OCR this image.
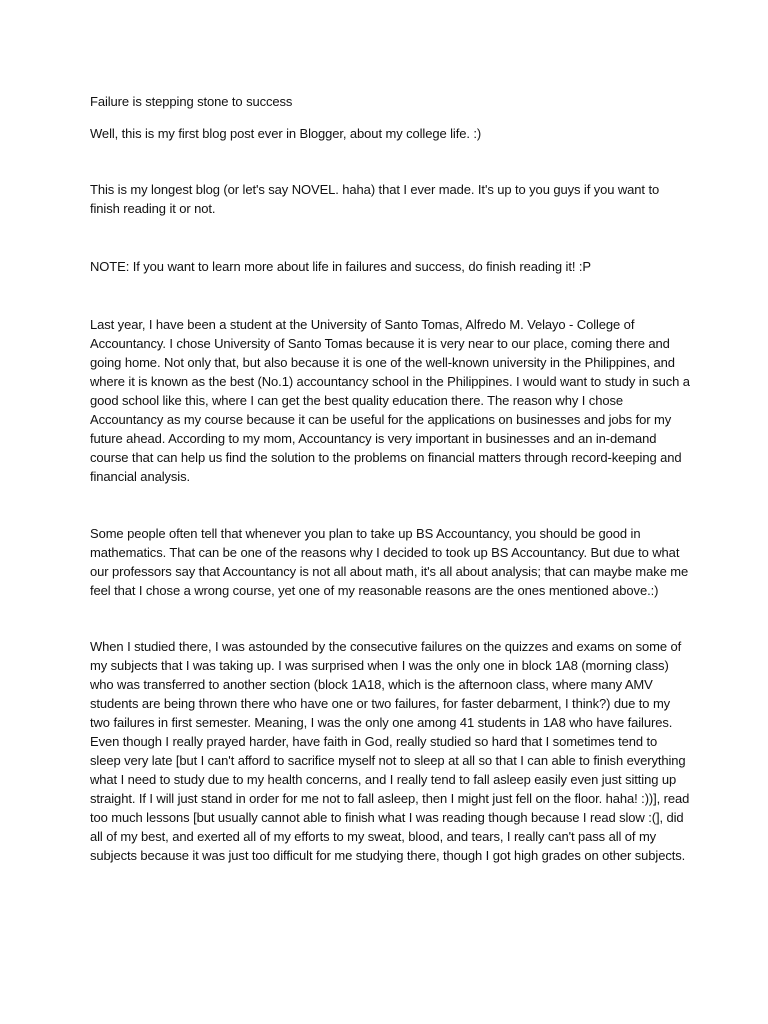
Failure is stepping stone to success

Well, this is my first blog post ever in Blogger, about my college life. :)

This is my longest blog (or let's say NOVEL. haha) that I ever made. It's up to you guys if you want to finish reading it or not.

NOTE: If you want to learn more about life in failures and success, do finish reading it! :P

Last year, I have been a student at the University of Santo Tomas, Alfredo M. Velayo - College of Accountancy. I chose University of Santo Tomas because it is very near to our place, coming there and going home. Not only that, but also because it is one of the well-known university in the Philippines, and where it is known as the best (No.1) accountancy school in the Philippines. I would want to study in such a good school like this, where I can get the best quality education there. The reason why I chose Accountancy as my course because it can be useful for the applications on businesses and jobs for my future ahead. According to my mom, Accountancy is very important in businesses and an in-demand course that can help us find the solution to the problems on financial matters through record-keeping and financial analysis.

Some people often tell that whenever you plan to take up BS Accountancy, you should be good in mathematics. That can be one of the reasons why I decided to took up BS Accountancy. But due to what our professors say that Accountancy is not all about math, it's all about analysis; that can maybe make me feel that I chose a wrong course, yet one of my reasonable reasons are the ones mentioned above.:)

When I studied there, I was astounded by the consecutive failures on the quizzes and exams on some of my subjects that I was taking up. I was surprised when I was the only one in block 1A8 (morning class) who was transferred to another section (block 1A18, which is the afternoon class, where many AMV students are being thrown there who have one or two failures, for faster debarment, I think?) due to my two failures in first semester. Meaning, I was the only one among 41 students in 1A8 who have failures. Even though I really prayed harder, have faith in God, really studied so hard that I sometimes tend to sleep very late [but I can't afford to sacrifice myself not to sleep at all so that I can able to finish everything what I need to study due to my health concerns, and I really tend to fall asleep easily even just sitting up straight. If I will just stand in order for me not to fall asleep, then I might just fell on the floor. haha! :))], read too much lessons [but usually cannot able to finish what I was reading though because I read slow :(], did all of my best, and exerted all of my efforts to my sweat, blood, and tears, I really can't pass all of my subjects because it was just too difficult for me studying there, though I got high grades on other subjects.
